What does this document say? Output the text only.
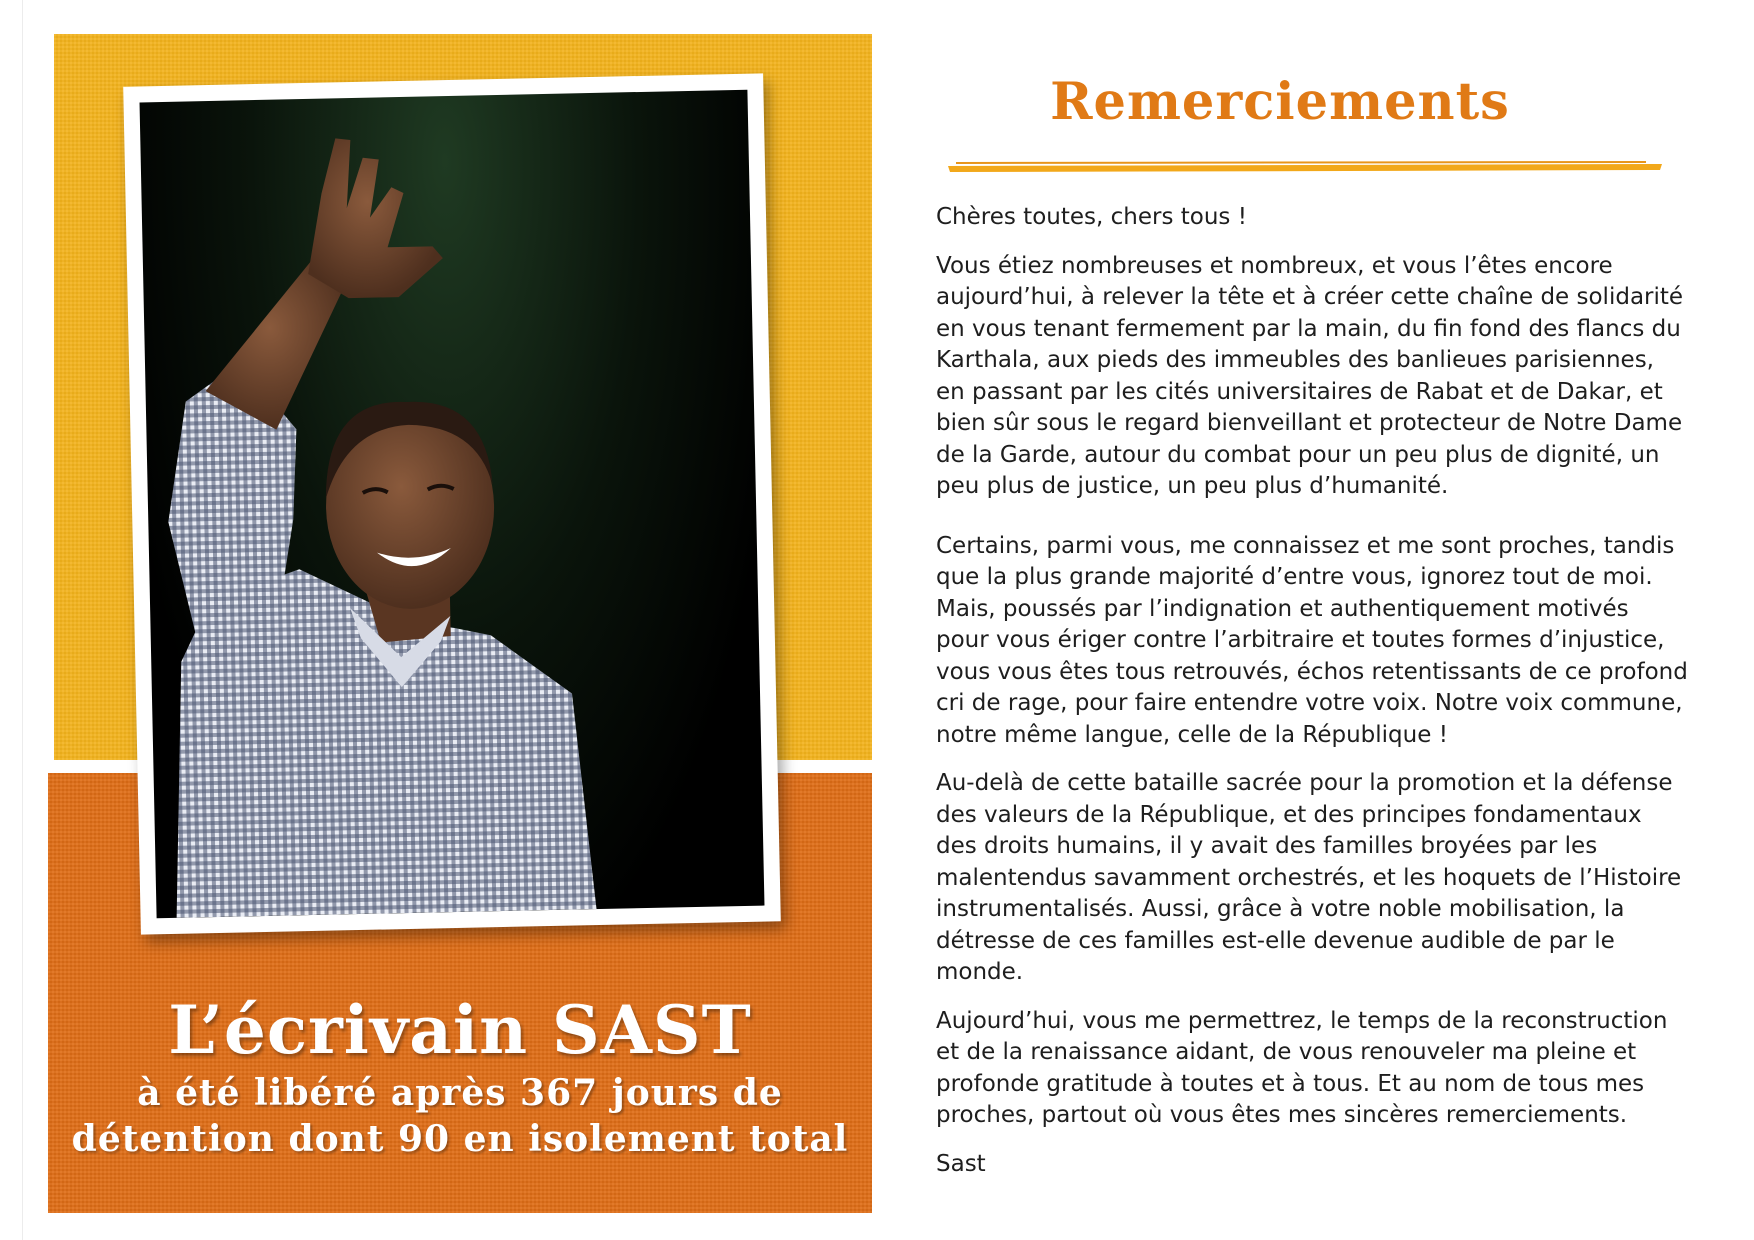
L’écrivain SAST
à été libéré après 367 jours de
détention dont 90 en isolement total
Remerciements

Chères toutes, chers tous !

Vous étiez nombreuses et nombreux, et vous l’êtes encore aujourd’hui, à relever la tête et à créer cette chaîne de solidarité en vous tenant fermement par la main, du fin fond des flancs du Karthala, aux pieds des immeubles des banlieues parisiennes, en passant par les cités universitaires de Rabat et de Dakar, et bien sûr sous le regard bienveillant et protecteur de Notre Dame de la Garde, autour du combat pour un peu plus de dignité, un peu plus de justice, un peu plus d’humanité.

Certains, parmi vous, me connaissez et me sont proches, tandis que la plus grande majorité d’entre vous, ignorez tout de moi. Mais, poussés par l’indignation et authentiquement motivés pour vous ériger contre l’arbitraire et toutes formes d’injustice, vous vous êtes tous retrouvés, échos retentissants de ce profond cri de rage, pour faire entendre votre voix. Notre voix commune, notre même langue, celle de la République !

Au-delà de cette bataille sacrée pour la promotion et la défense des valeurs de la République, et des principes fondamentaux des droits humains, il y avait des familles broyées par les malentendus savamment orchestrés, et les hoquets de l’Histoire instrumentalisés. Aussi, grâce à votre noble mobilisation, la détresse de ces familles est-elle devenue audible de par le monde.

Aujourd’hui, vous me permettrez, le temps de la reconstruction et de la renaissance aidant, de vous renouveler ma pleine et profonde gratitude à toutes et à tous. Et au nom de tous mes proches, partout où vous êtes mes sincères remerciements.

Sast
